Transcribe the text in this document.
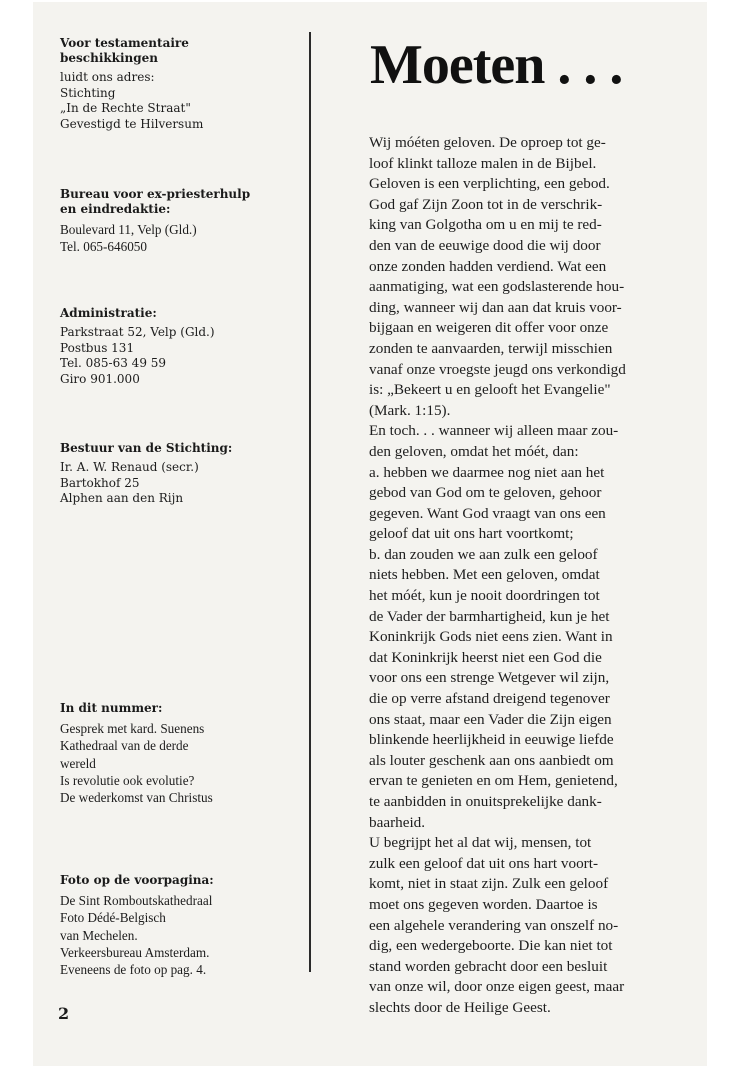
Voor testamentaire
beschikkingen
luidt ons adres:
Stichting
„In de Rechte Straat"
Gevestigd te Hilversum
Bureau voor ex-priesterhulp
en eindredaktie:
Boulevard 11, Velp (Gld.)
Tel. 065-646050
Administratie:
Parkstraat 52, Velp (Gld.)
Postbus 131
Tel. 085-63 49 59
Giro 901.000
Bestuur van de Stichting:
Ir. A. W. Renaud (secr.)
Bartokhof 25
Alphen aan den Rijn
In dit nummer:
Gesprek met kard. Suenens
Kathedraal van de derde
wereld
Is revolutie ook evolutie?
De wederkomst van Christus
Foto op de voorpagina:
De Sint Romboutskathedraal
Foto Dédé-Belgisch
van Mechelen.
Verkeersbureau Amsterdam.
Eveneens de foto op pag. 4.
Moeten . . .
Wij móéten geloven. De oproep tot ge-
loof klinkt talloze malen in de Bijbel.
Geloven is een verplichting, een gebod.
God gaf Zijn Zoon tot in de verschrik-
king van Golgotha om u en mij te red-
den van de eeuwige dood die wij door
onze zonden hadden verdiend. Wat een
aanmatiging, wat een godslasterende hou-
ding, wanneer wij dan aan dat kruis voor-
bijgaan en weigeren dit offer voor onze
zonden te aanvaarden, terwijl misschien
vanaf onze vroegste jeugd ons verkondigd
is: „Bekeert u en gelooft het Evangelie"
(Mark. 1:15).
En toch. . . wanneer wij alleen maar zou-
den geloven, omdat het móét, dan:
a. hebben we daarmee nog niet aan het
gebod van God om te geloven, gehoor
gegeven. Want God vraagt van ons een
geloof dat uit ons hart voortkomt;
b. dan zouden we aan zulk een geloof
niets hebben. Met een geloven, omdat
het móét, kun je nooit doordringen tot
de Vader der barmhartigheid, kun je het
Koninkrijk Gods niet eens zien. Want in
dat Koninkrijk heerst niet een God die
voor ons een strenge Wetgever wil zijn,
die op verre afstand dreigend tegenover
ons staat, maar een Vader die Zijn eigen
blinkende heerlijkheid in eeuwige liefde
als louter geschenk aan ons aanbiedt om
ervan te genieten en om Hem, genietend,
te aanbidden in onuitsprekelijke dank-
baarheid.
U begrijpt het al dat wij, mensen, tot
zulk een geloof dat uit ons hart voort-
komt, niet in staat zijn. Zulk een geloof
moet ons gegeven worden. Daartoe is
een algehele verandering van onszelf no-
dig, een wedergeboorte. Die kan niet tot
stand worden gebracht door een besluit
van onze wil, door onze eigen geest, maar
slechts door de Heilige Geest.
2
